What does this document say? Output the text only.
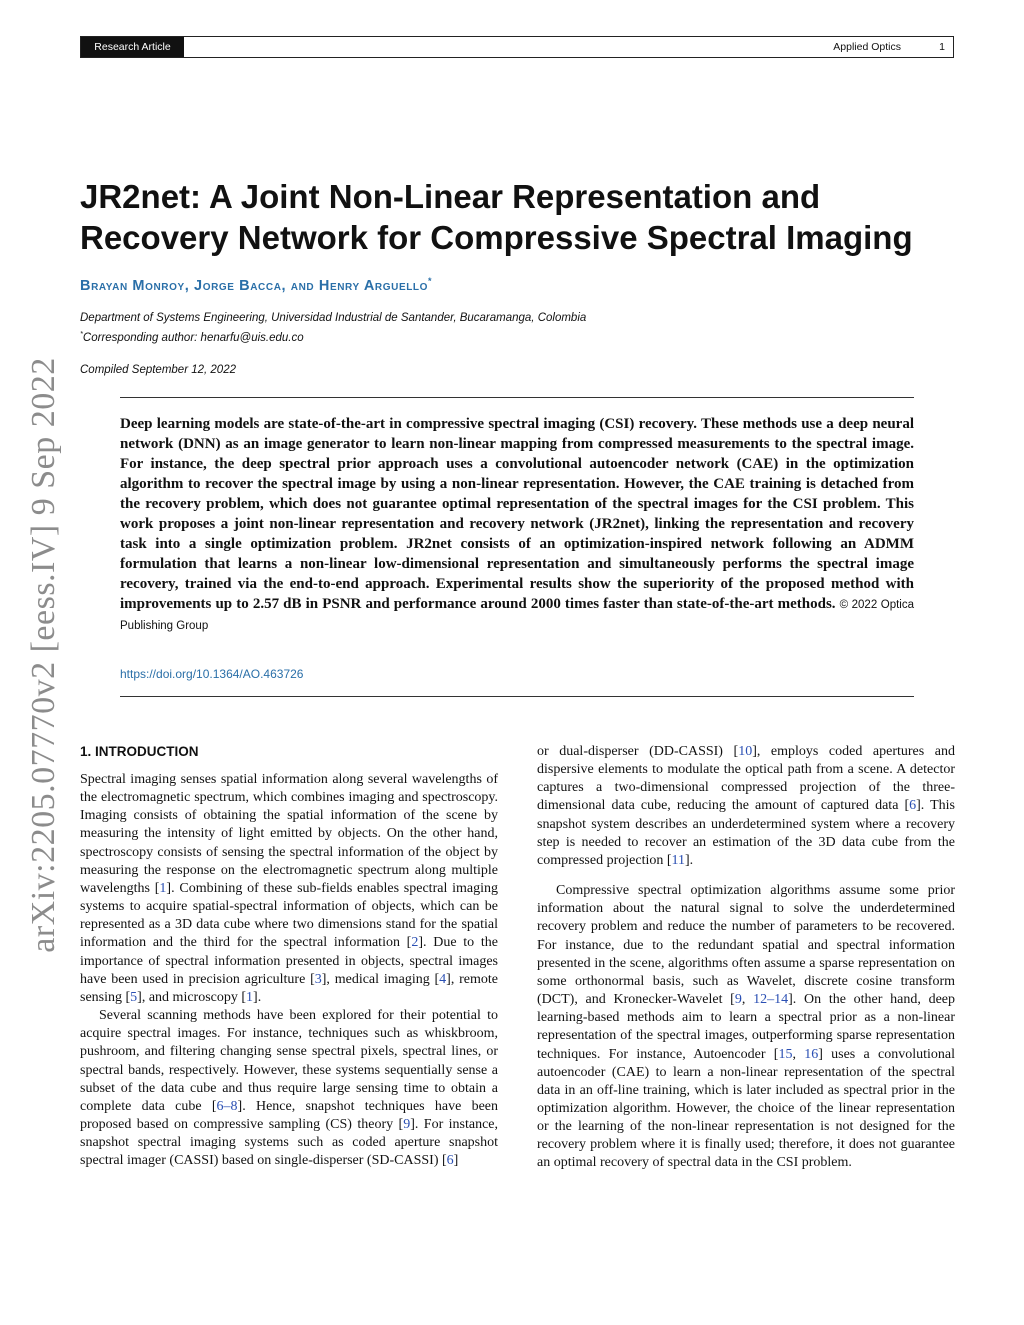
Research Article	Applied Optics	1
arXiv:2205.07770v2 [eess.IV] 9 Sep 2022
JR2net: A Joint Non-Linear Representation and
Recovery Network for Compressive Spectral Imaging
Brayan Monroy, Jorge Bacca, and Henry Arguello*
Department of Systems Engineering, Universidad Industrial de Santander, Bucaramanga, Colombia
*Corresponding author: henarfu@uis.edu.co
Compiled September 12, 2022
Deep learning models are state-of-the-art in compressive spectral imaging (CSI) recovery. These methods use a deep neural network (DNN) as an image generator to learn non-linear mapping from compressed measurements to the spectral image. For instance, the deep spectral prior approach uses a convolutional autoencoder network (CAE) in the optimization algorithm to recover the spectral image by using a non-linear representation. However, the CAE training is detached from the recovery problem, which does not guarantee optimal representation of the spectral images for the CSI problem. This work proposes a joint non-linear representation and recovery network (JR2net), linking the representation and recovery task into a single optimization problem. JR2net consists of an optimization-inspired network following an ADMM formulation that learns a non-linear low-dimensional representation and simultaneously performs the spectral image recovery, trained via the end-to-end approach. Experimental results show the superiority of the proposed method with improvements up to 2.57 dB in PSNR and performance around 2000 times faster than state-of-the-art methods. © 2022 Optica Publishing Group
https://doi.org/10.1364/AO.463726
1. INTRODUCTION

Spectral imaging senses spatial information along several wavelengths of the electromagnetic spectrum, which combines imaging and spectroscopy. Imaging consists of obtaining the spatial information of the scene by measuring the intensity of light emitted by objects. On the other hand, spectroscopy consists of sensing the spectral information of the object by measuring the response on the electromagnetic spectrum along multiple wavelengths [1]. Combining of these sub-fields enables spectral imaging systems to acquire spatial-spectral information of objects, which can be represented as a 3D data cube where two dimensions stand for the spatial information and the third for the spectral information [2]. Due to the importance of spectral information presented in objects, spectral images have been used in precision agriculture [3], medical imaging [4], remote sensing [5], and microscopy [1].

Several scanning methods have been explored for their potential to acquire spectral images. For instance, techniques such as whiskbroom, pushroom, and filtering changing sense spectral pixels, spectral lines, or spectral bands, respectively. However, these systems sequentially sense a subset of the data cube and thus require large sensing time to obtain a complete data cube [6–8]. Hence, snapshot techniques have been proposed based on compressive sampling (CS) theory [9]. For instance, snapshot spectral imaging systems such as coded aperture snapshot spectral imager (CASSI) based on single-disperser (SD-CASSI) [6]

or dual-disperser (DD-CASSI) [10], employs coded apertures and dispersive elements to modulate the optical path from a scene. A detector captures a two-dimensional compressed projection of the three-dimensional data cube, reducing the amount of captured data [6]. This snapshot system describes an underdetermined system where a recovery step is needed to recover an estimation of the 3D data cube from the compressed projection [11].

Compressive spectral optimization algorithms assume some prior information about the natural signal to solve the underdetermined recovery problem and reduce the number of parameters to be recovered. For instance, due to the redundant spatial and spectral information presented in the scene, algorithms often assume a sparse representation on some orthonormal basis, such as Wavelet, discrete cosine transform (DCT), and Kronecker-Wavelet [9, 12–14]. On the other hand, deep learning-based methods aim to learn a spectral prior as a non-linear representation of the spectral images, outperforming sparse representation techniques. For instance, Autoencoder [15, 16] uses a convolutional autoencoder (CAE) to learn a non-linear representation of the spectral data in an off-line training, which is later included as spectral prior in the optimization algorithm. However, the choice of the linear representation or the learning of the non-linear representation is not designed for the recovery problem where it is finally used; therefore, it does not guarantee an optimal recovery of spectral data in the CSI problem.
